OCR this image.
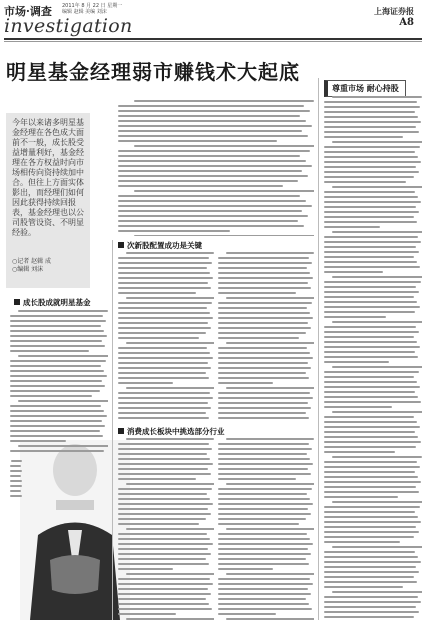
市场·调查 2011年 8 月 22 日 星期一
编辑 赵辑 美编 刘沫
investigation
上海证券报
A8
明星基金经理弱市赚钱术大起底
今年以来诸多明星基金经理在各色成大面前不一般，成长股受益增量利好，基金经理在各方权益时向市场相传向资持续加中合。但往上方面实体影出，而经理们如何因此获得持续回报表，基金经理也以公司股管设资、不明显经验。
○记者 赵辑 成
○编辑 刘沫
成长股成就明星基金
次新股配置成功是关键
消费成长板块中挑选部分行业
尊重市场 耐心持股
